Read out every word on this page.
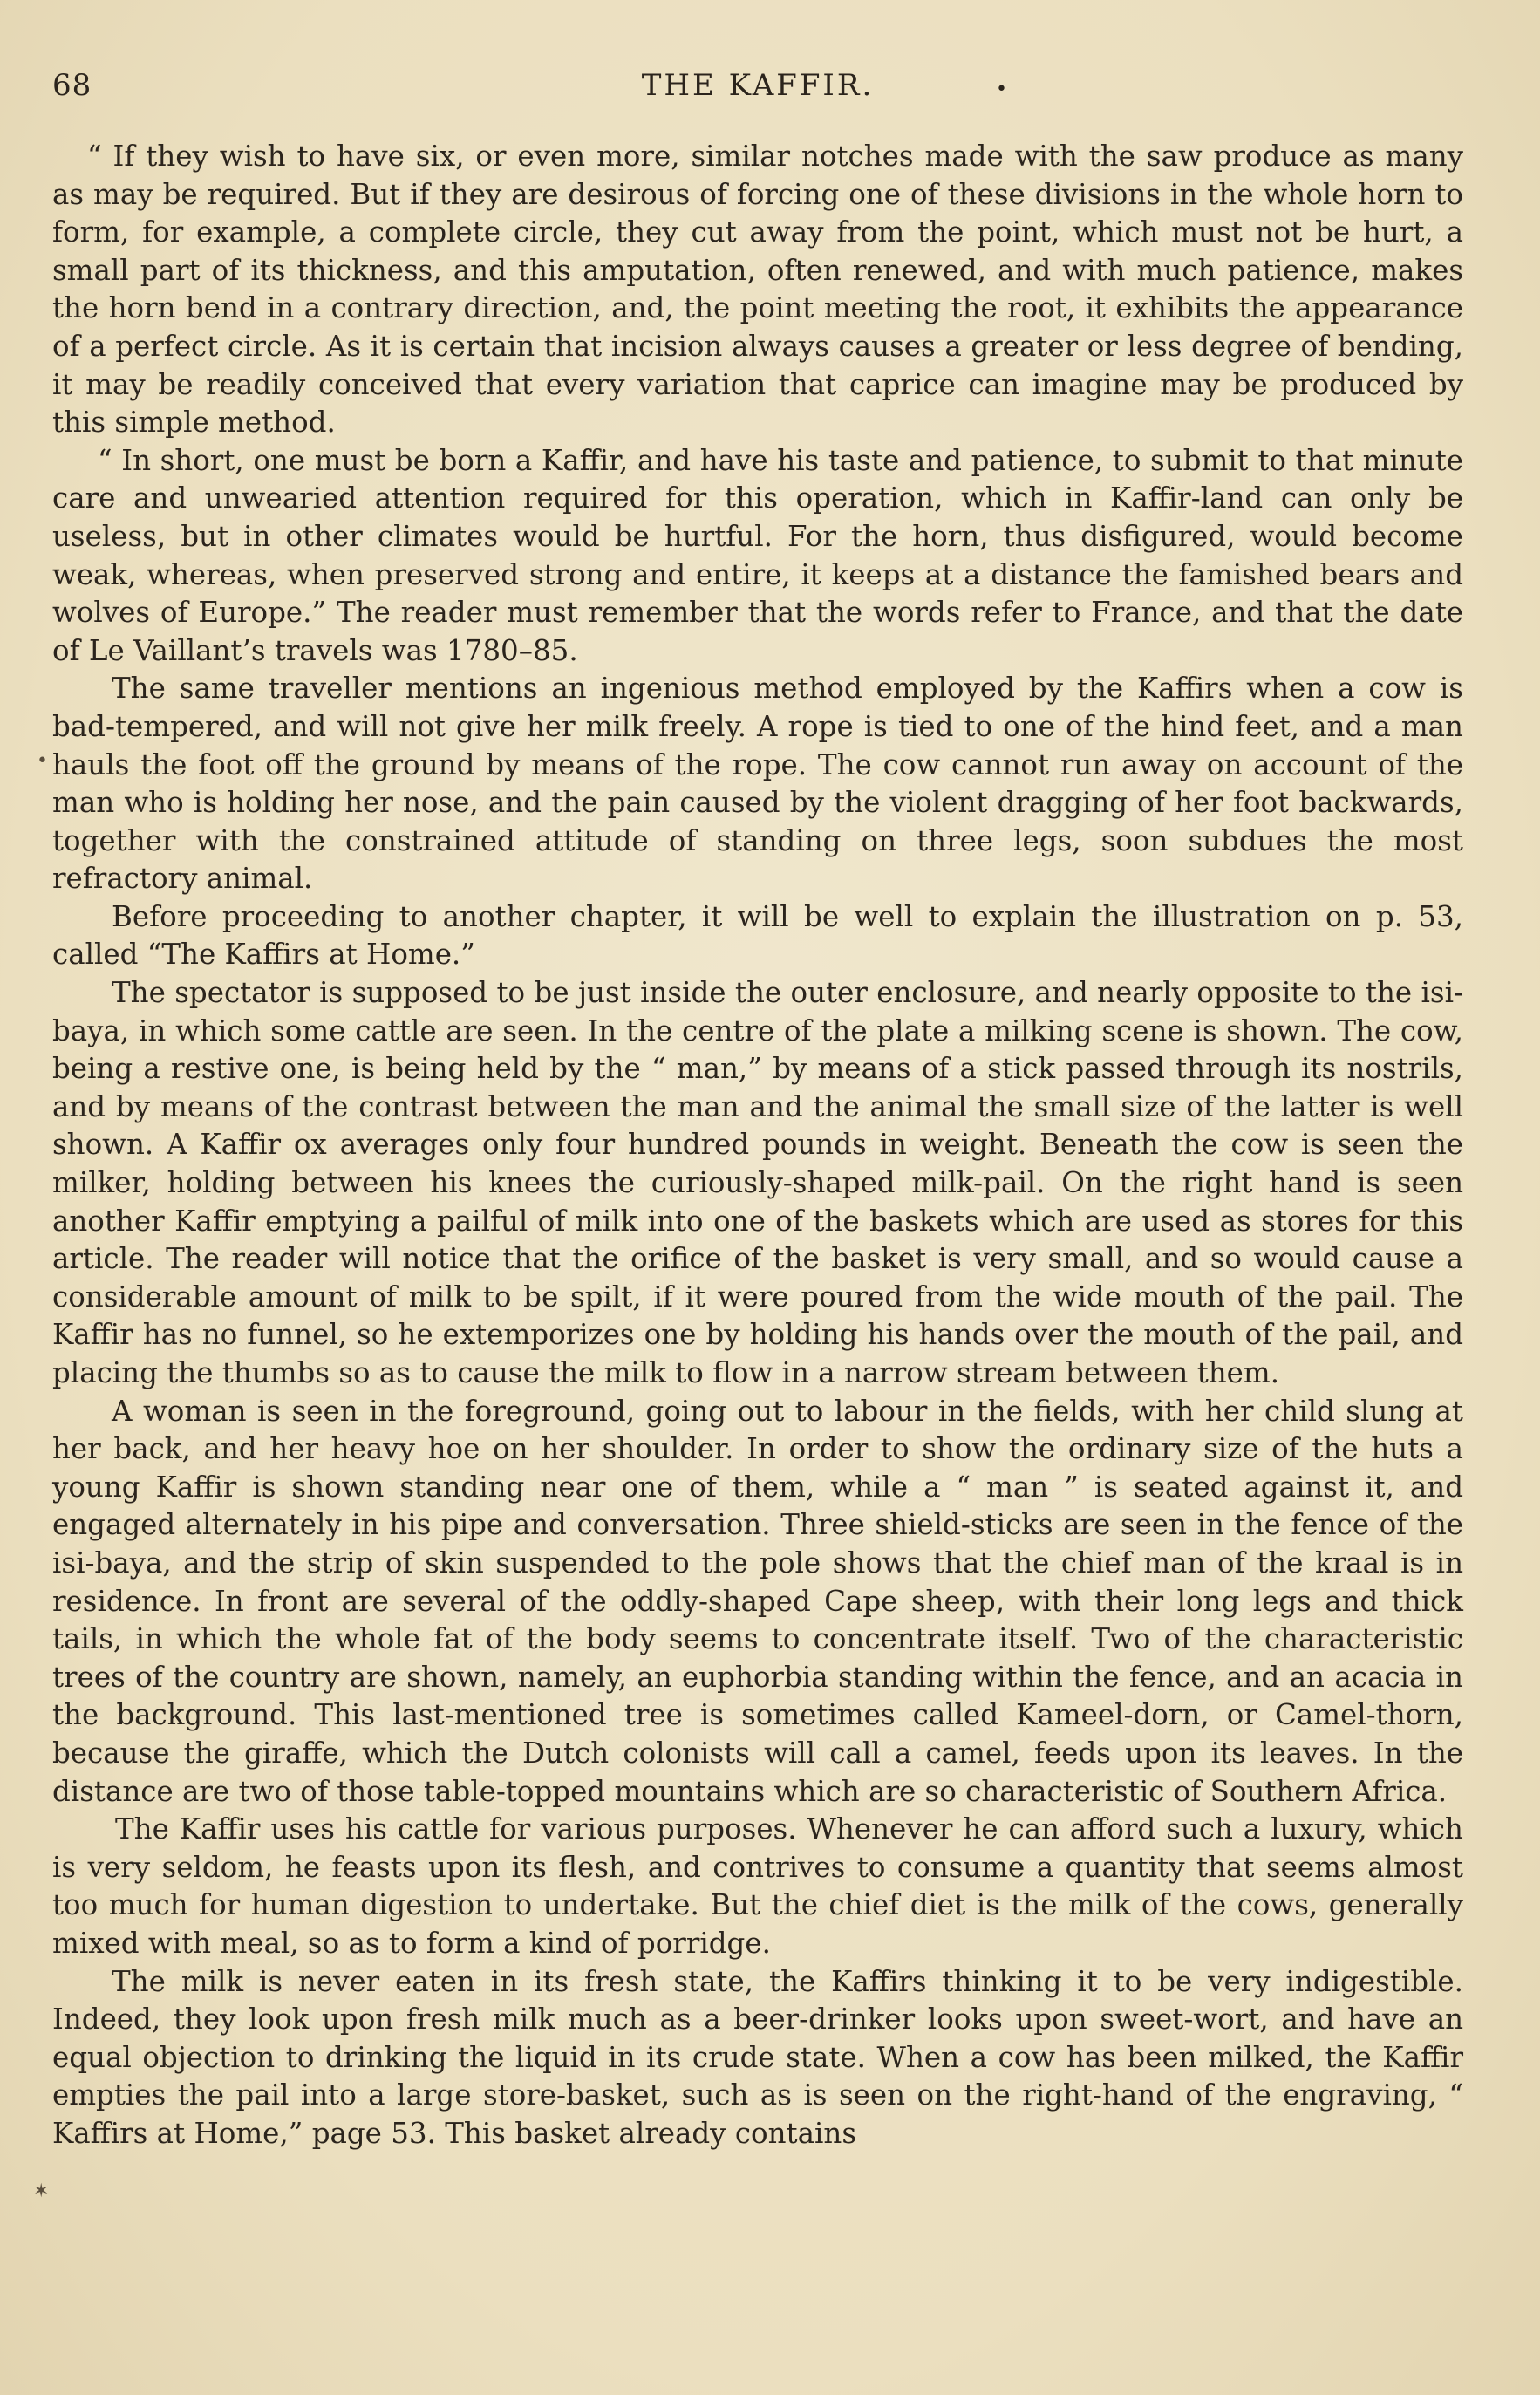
68	THE KAFFIR.	•

“ If they wish to have six, or even more, similar notches made with the saw produce as many as may be required. But if they are desirous of forcing one of these divisions in the whole horn to form, for example, a complete circle, they cut away from the point, which must not be hurt, a small part of its thickness, and this amputation, often renewed, and with much patience, makes the horn bend in a contrary direction, and, the point meeting the root, it exhibits the appearance of a perfect circle. As it is certain that incision always causes a greater or less degree of bending, it may be readily conceived that every variation that caprice can imagine may be produced by this simple method.

“ In short, one must be born a Kaffir, and have his taste and patience, to submit to that minute care and unwearied attention required for this operation, which in Kaffir-land can only be useless, but in other climates would be hurtful. For the horn, thus disfigured, would become weak, whereas, when preserved strong and entire, it keeps at a distance the famished bears and wolves of Europe.” The reader must remember that the words refer to France, and that the date of Le Vaillant’s travels was 1780–85.

The same traveller mentions an ingenious method employed by the Kaffirs when a cow is bad-tempered, and will not give her milk freely. A rope is tied to one of the hind feet, and a man hauls the foot off the ground by means of the rope. The cow cannot run away on account of the man who is holding her nose, and the pain caused by the violent dragging of her foot backwards, together with the constrained attitude of standing on three legs, soon subdues the most refractory animal.

Before proceeding to another chapter, it will be well to explain the illustration on p. 53, called “The Kaffirs at Home.”

The spectator is supposed to be just inside the outer enclosure, and nearly opposite to the isi-baya, in which some cattle are seen. In the centre of the plate a milking scene is shown. The cow, being a restive one, is being held by the “ man,” by means of a stick passed through its nostrils, and by means of the contrast between the man and the animal the small size of the latter is well shown. A Kaffir ox averages only four hundred pounds in weight. Beneath the cow is seen the milker, holding between his knees the curiously-shaped milk-pail. On the right hand is seen another Kaffir emptying a pailful of milk into one of the baskets which are used as stores for this article. The reader will notice that the orifice of the basket is very small, and so would cause a considerable amount of milk to be spilt, if it were poured from the wide mouth of the pail. The Kaffir has no funnel, so he extemporizes one by holding his hands over the mouth of the pail, and placing the thumbs so as to cause the milk to flow in a narrow stream between them.

A woman is seen in the foreground, going out to labour in the fields, with her child slung at her back, and her heavy hoe on her shoulder. In order to show the ordinary size of the huts a young Kaffir is shown standing near one of them, while a “ man ” is seated against it, and engaged alternately in his pipe and conversation. Three shield-sticks are seen in the fence of the isi-baya, and the strip of skin suspended to the pole shows that the chief man of the kraal is in residence. In front are several of the oddly-shaped Cape sheep, with their long legs and thick tails, in which the whole fat of the body seems to concentrate itself. Two of the characteristic trees of the country are shown, namely, an euphorbia standing within the fence, and an acacia in the background. This last-mentioned tree is sometimes called Kameel-dorn, or Camel-thorn, because the giraffe, which the Dutch colonists will call a camel, feeds upon its leaves. In the distance are two of those table-topped mountains which are so characteristic of Southern Africa.

The Kaffir uses his cattle for various purposes. Whenever he can afford such a luxury, which is very seldom, he feasts upon its flesh, and contrives to consume a quantity that seems almost too much for human digestion to undertake. But the chief diet is the milk of the cows, generally mixed with meal, so as to form a kind of porridge.

The milk is never eaten in its fresh state, the Kaffirs thinking it to be very indigestible. Indeed, they look upon fresh milk much as a beer-drinker looks upon sweet-wort, and have an equal objection to drinking the liquid in its crude state. When a cow has been milked, the Kaffir empties the pail into a large store-basket, such as is seen on the right-hand of the engraving, “ Kaffirs at Home,” page 53. This basket already contains

•
✶
